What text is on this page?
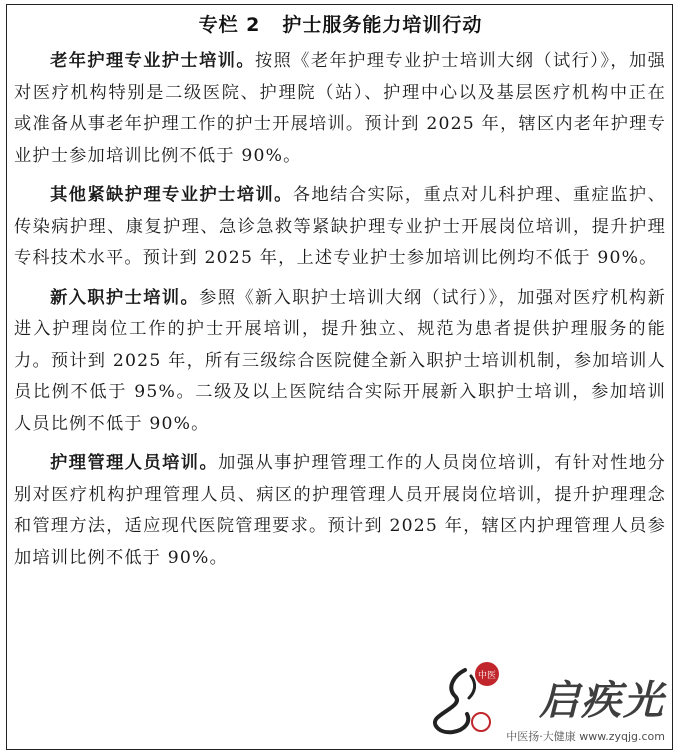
专栏 2 护士服务能力培训行动

老年护理专业护士培训。按照《老年护理专业护士培训大纲（试行）》，加强对医疗机构特别是二级医院、护理院（站）、护理中心以及基层医疗机构中正在或准备从事老年护理工作的护士开展培训。预计到 2025 年，辖区内老年护理专业护士参加培训比例不低于 90%。

其他紧缺护理专业护士培训。各地结合实际，重点对儿科护理、重症监护、传染病护理、康复护理、急诊急救等紧缺护理专业护士开展岗位培训，提升护理专科技术水平。预计到 2025 年，上述专业护士参加培训比例均不低于 90%。

新入职护士培训。参照《新入职护士培训大纲（试行）》，加强对医疗机构新进入护理岗位工作的护士开展培训，提升独立、规范为患者提供护理服务的能力。预计到 2025 年，所有三级综合医院健全新入职护士培训机制，参加培训人员比例不低于 95%。二级及以上医院结合实际开展新入职护士培训，参加培训人员比例不低于 90%。

护理管理人员培训。加强从事护理管理工作的人员岗位培训，有针对性地分别对医疗机构护理管理人员、病区的护理管理人员开展岗位培训，提升护理理念和管理方法，适应现代医院管理要求。预计到 2025 年，辖区内护理管理人员参加培训比例不低于 90%。

中医
启疾光
中医扬·大健康 www.zyqjg.com
